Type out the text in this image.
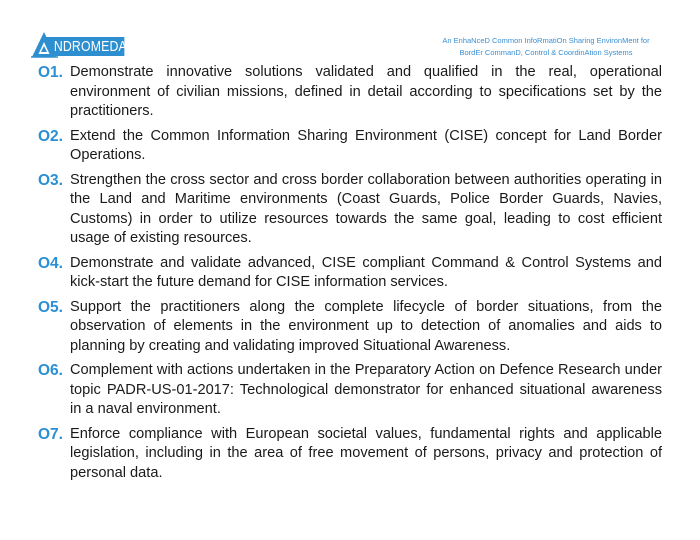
NDROMEDA	An EnhaNceD Common InfoRmatiOn Sharing EnvironMent for
BordEr CommanD, Control & CoordinAtion Systems
O1. Demonstrate innovative solutions validated and qualified in the real, operational environment of civilian missions, defined in detail according to specifications set by the practitioners.
O2. Extend the Common Information Sharing Environment (CISE) concept for Land Border Operations.
O3. Strengthen the cross sector and cross border collaboration between authorities operating in the Land and Maritime environments (Coast Guards, Police Border Guards, Navies, Customs) in order to utilize resources towards the same goal, leading to cost efficient usage of existing resources.
O4. Demonstrate and validate advanced, CISE compliant Command & Control Systems and kick-start the future demand for CISE information services.
O5. Support the practitioners along the complete lifecycle of border situations, from the observation of elements in the environment up to detection of anomalies and aids to planning by creating and validating improved Situational Awareness.
O6. Complement with actions undertaken in the Preparatory Action on Defence Research under topic PADR-US-01-2017: Technological demonstrator for enhanced situational awareness in a naval environment.
O7. Enforce compliance with European societal values, fundamental rights and applicable legislation, including in the area of free movement of persons, privacy and protection of personal data.
